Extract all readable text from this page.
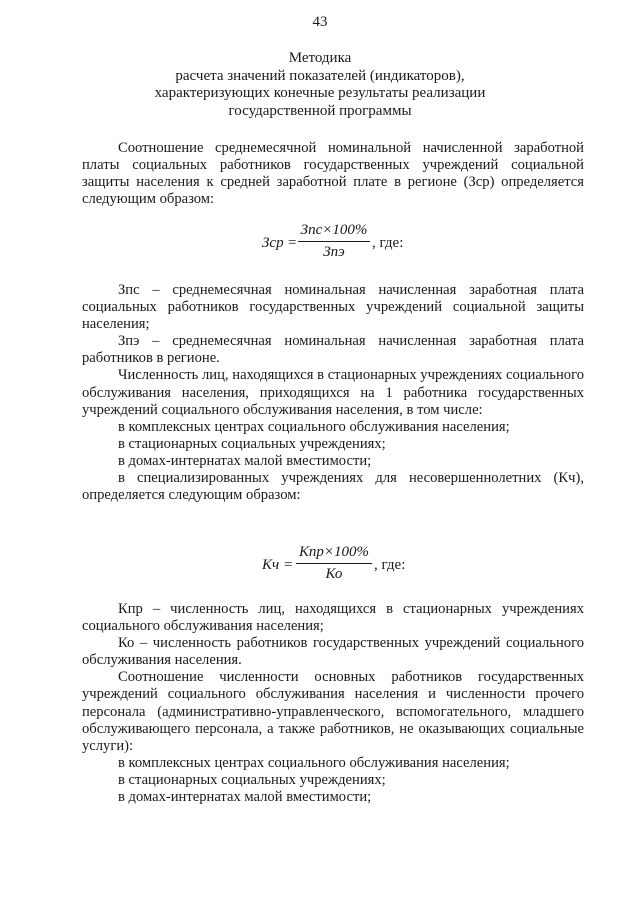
43
Методика
расчета значений показателей (индикаторов),
характеризующих конечные результаты реализации
государственной программы

Соотношение среднемесячной номинальной начисленной заработной платы социальных работников государственных учреждений социальной защиты населения к средней заработной плате в регионе (Зср) определяется следующим образом:

Зср =
Зпс×100%
Зпэ
, где:

Зпс – среднемесячная номинальная начисленная заработная плата социальных работников государственных учреждений социальной защиты населения;

Зпэ – среднемесячная номинальная начисленная заработная плата работников в регионе.

Численность лиц, находящихся в стационарных учреждениях социального обслуживания населения, приходящихся на 1 работника государственных учреждений социального обслуживания населения, в том числе:

в комплексных центрах социального обслуживания населения;

в стационарных социальных учреждениях;

в домах-интернатах малой вместимости;

в специализированных учреждениях для несовершеннолетних (Кч), определяется следующим образом:

Кч =
Кпр×100%
Ко
, где:

Кпр – численность лиц, находящихся в стационарных учреждениях социального обслуживания населения;

Ко – численность работников государственных учреждений социального обслуживания населения.

Соотношение численности основных работников государственных учреждений социального обслуживания населения и численности прочего персонала (административно-управленческого, вспомогательного, младшего обслуживающего персонала, а также работников, не оказывающих социальные услуги):

в комплексных центрах социального обслуживания населения;

в стационарных социальных учреждениях;

в домах-интернатах малой вместимости;
